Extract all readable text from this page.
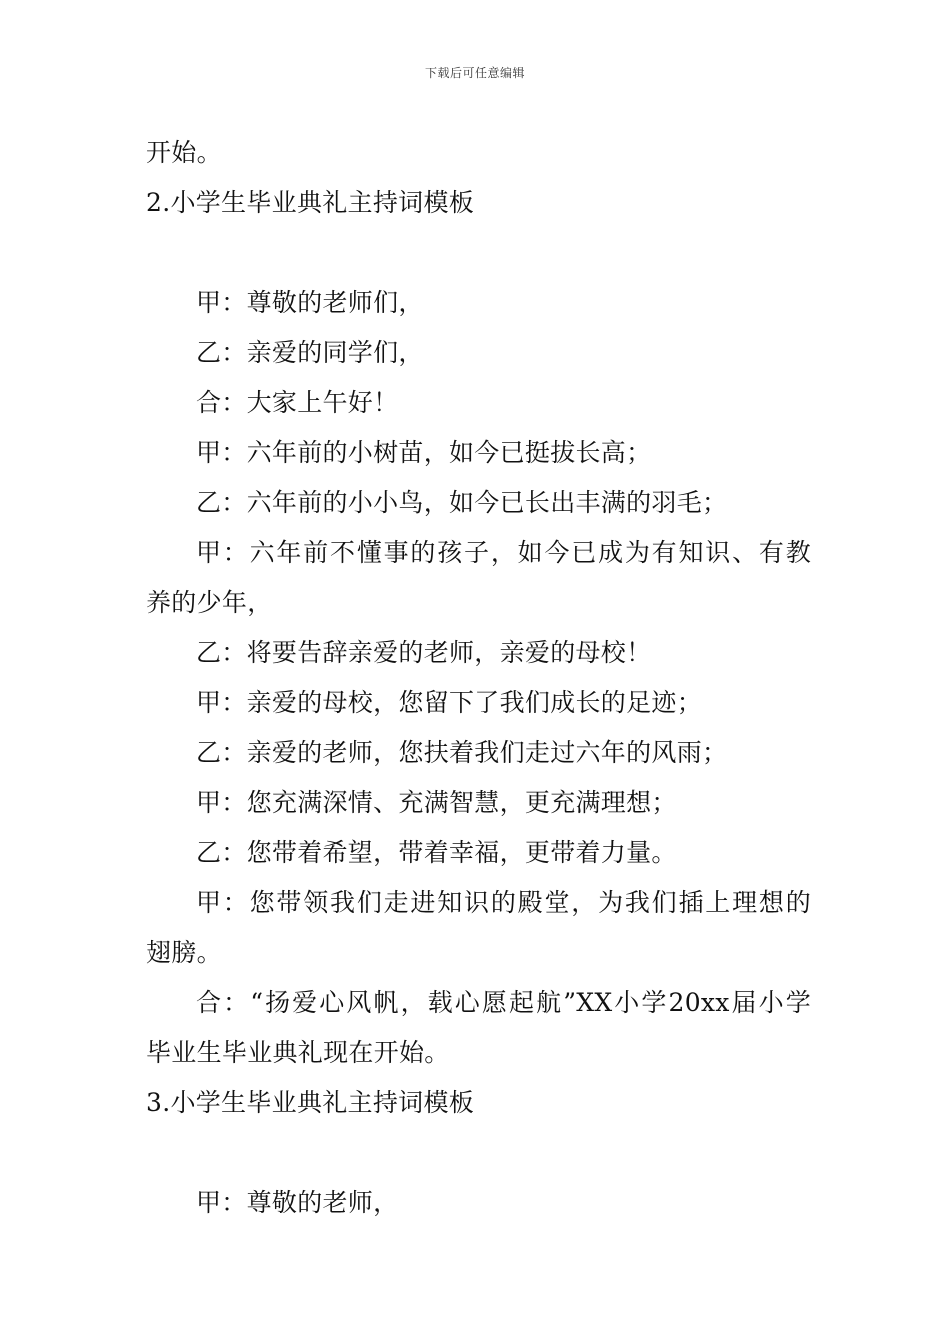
下载后可任意编辑
开始。
2.小学生毕业典礼主持词模板
甲：尊敬的老师们，
乙：亲爱的同学们，
合：大家上午好！
甲：六年前的小树苗，如今已挺拔长高；
乙：六年前的小小鸟，如今已长出丰满的羽毛；
甲：六年前不懂事的孩子，如今已成为有知识、有教
养的少年，
乙：将要告辞亲爱的老师，亲爱的母校！
甲：亲爱的母校，您留下了我们成长的足迹；
乙：亲爱的老师，您扶着我们走过六年的风雨；
甲：您充满深情、充满智慧，更充满理想；
乙：您带着希望，带着幸福，更带着力量。
甲：您带领我们走进知识的殿堂，为我们插上理想的
翅膀。
合：“扬爱心风帆，载心愿起航”XX小学20xx届小学
毕业生毕业典礼现在开始。
3.小学生毕业典礼主持词模板
甲：尊敬的老师，
